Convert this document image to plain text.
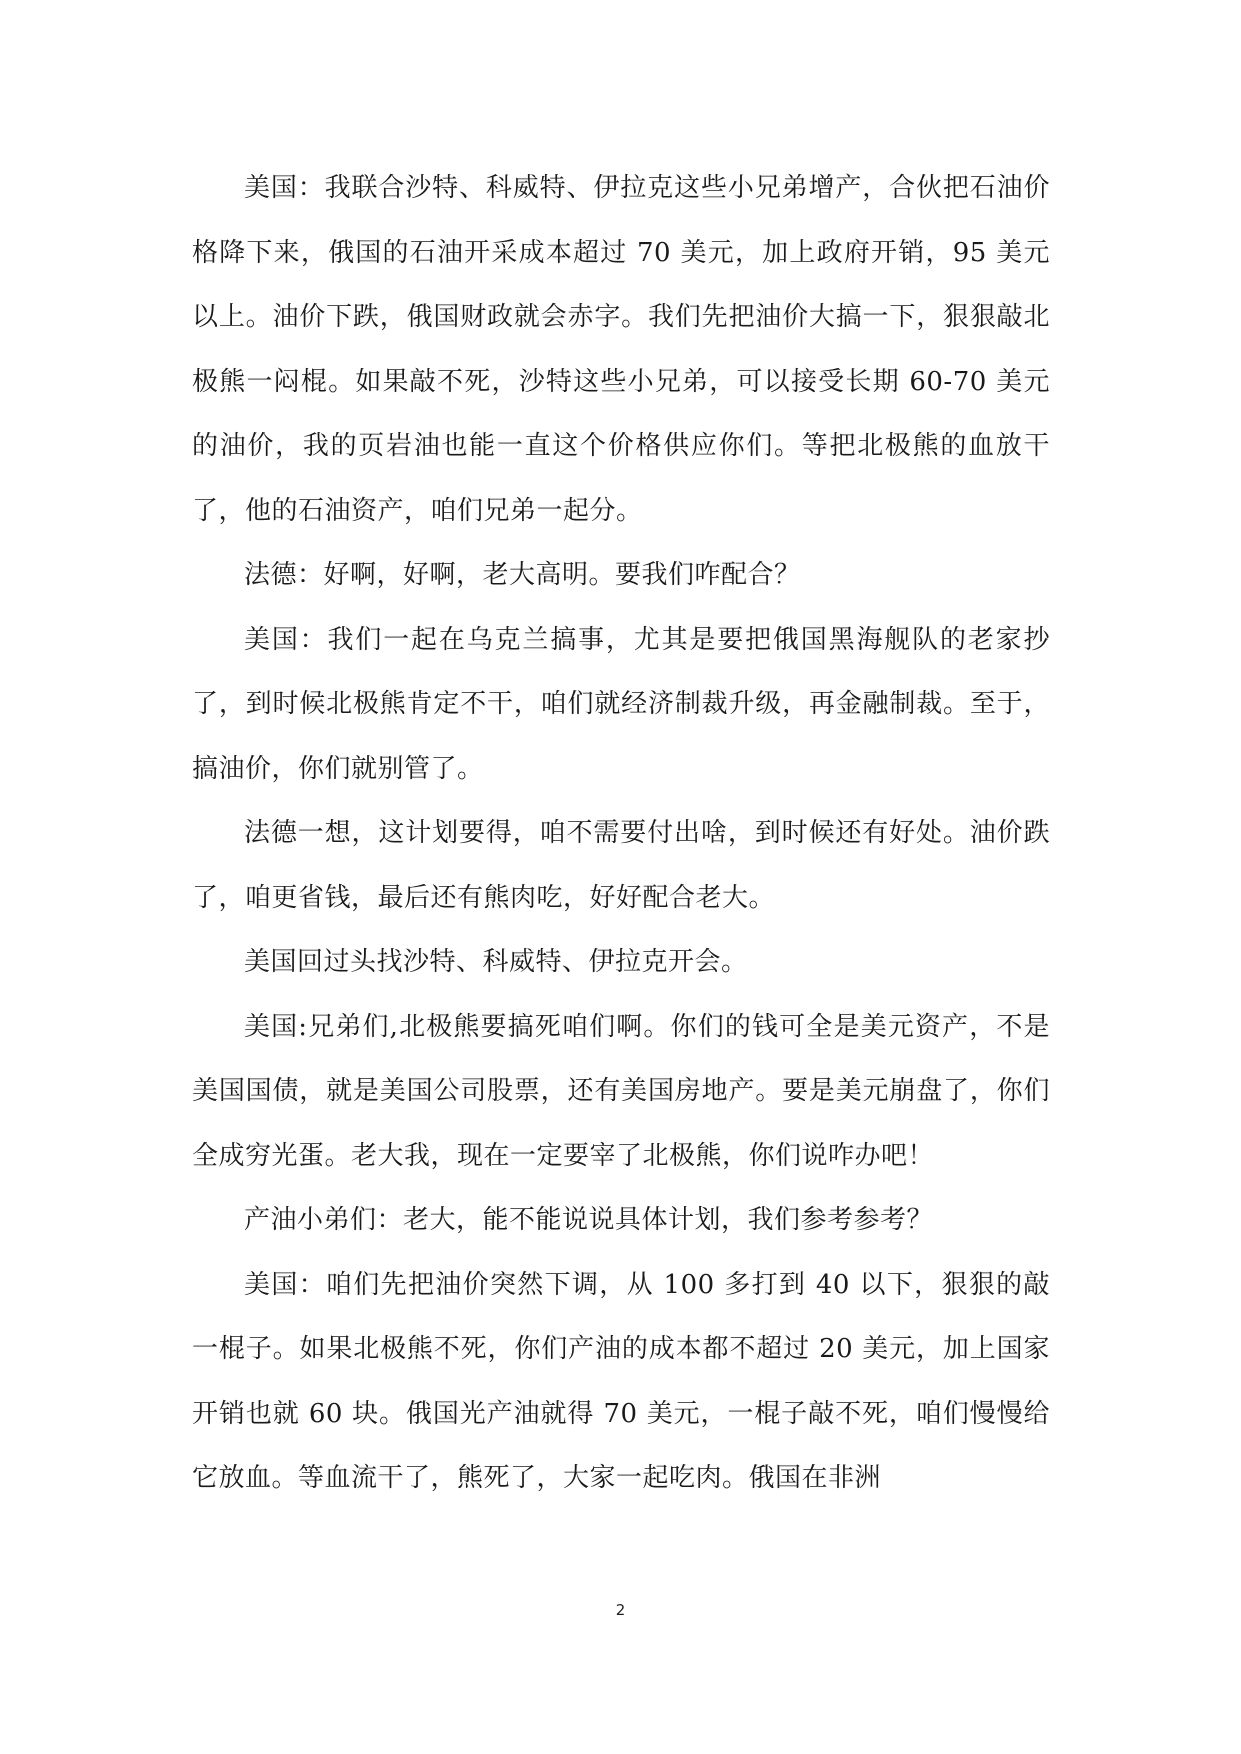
美国：我联合沙特、科威特、伊拉克这些小兄弟增产，合伙把石油价格降下来，俄国的石油开采成本超过 70 美元，加上政府开销，95 美元以上。油价下跌，俄国财政就会赤字。我们先把油价大搞一下，狠狠敲北极熊一闷棍。如果敲不死，沙特这些小兄弟，可以接受长期 60-70 美元的油价，我的页岩油也能一直这个价格供应你们。等把北极熊的血放干了，他的石油资产，咱们兄弟一起分。

法德：好啊，好啊，老大高明。要我们咋配合？

美国：我们一起在乌克兰搞事，尤其是要把俄国黑海舰队的老家抄了，到时候北极熊肯定不干，咱们就经济制裁升级，再金融制裁。至于，搞油价，你们就别管了。

法德一想，这计划要得，咱不需要付出啥，到时候还有好处。油价跌了，咱更省钱，最后还有熊肉吃，好好配合老大。

美国回过头找沙特、科威特、伊拉克开会。

美国:兄弟们,北极熊要搞死咱们啊。你们的钱可全是美元资产，不是美国国债，就是美国公司股票，还有美国房地产。要是美元崩盘了，你们全成穷光蛋。老大我，现在一定要宰了北极熊，你们说咋办吧！

产油小弟们：老大，能不能说说具体计划，我们参考参考？

美国：咱们先把油价突然下调，从 100 多打到 40 以下，狠狠的敲一棍子。如果北极熊不死，你们产油的成本都不超过 20 美元，加上国家开销也就 60 块。俄国光产油就得 70 美元，一棍子敲不死，咱们慢慢给它放血。等血流干了，熊死了，大家一起吃肉。俄国在非洲

2
